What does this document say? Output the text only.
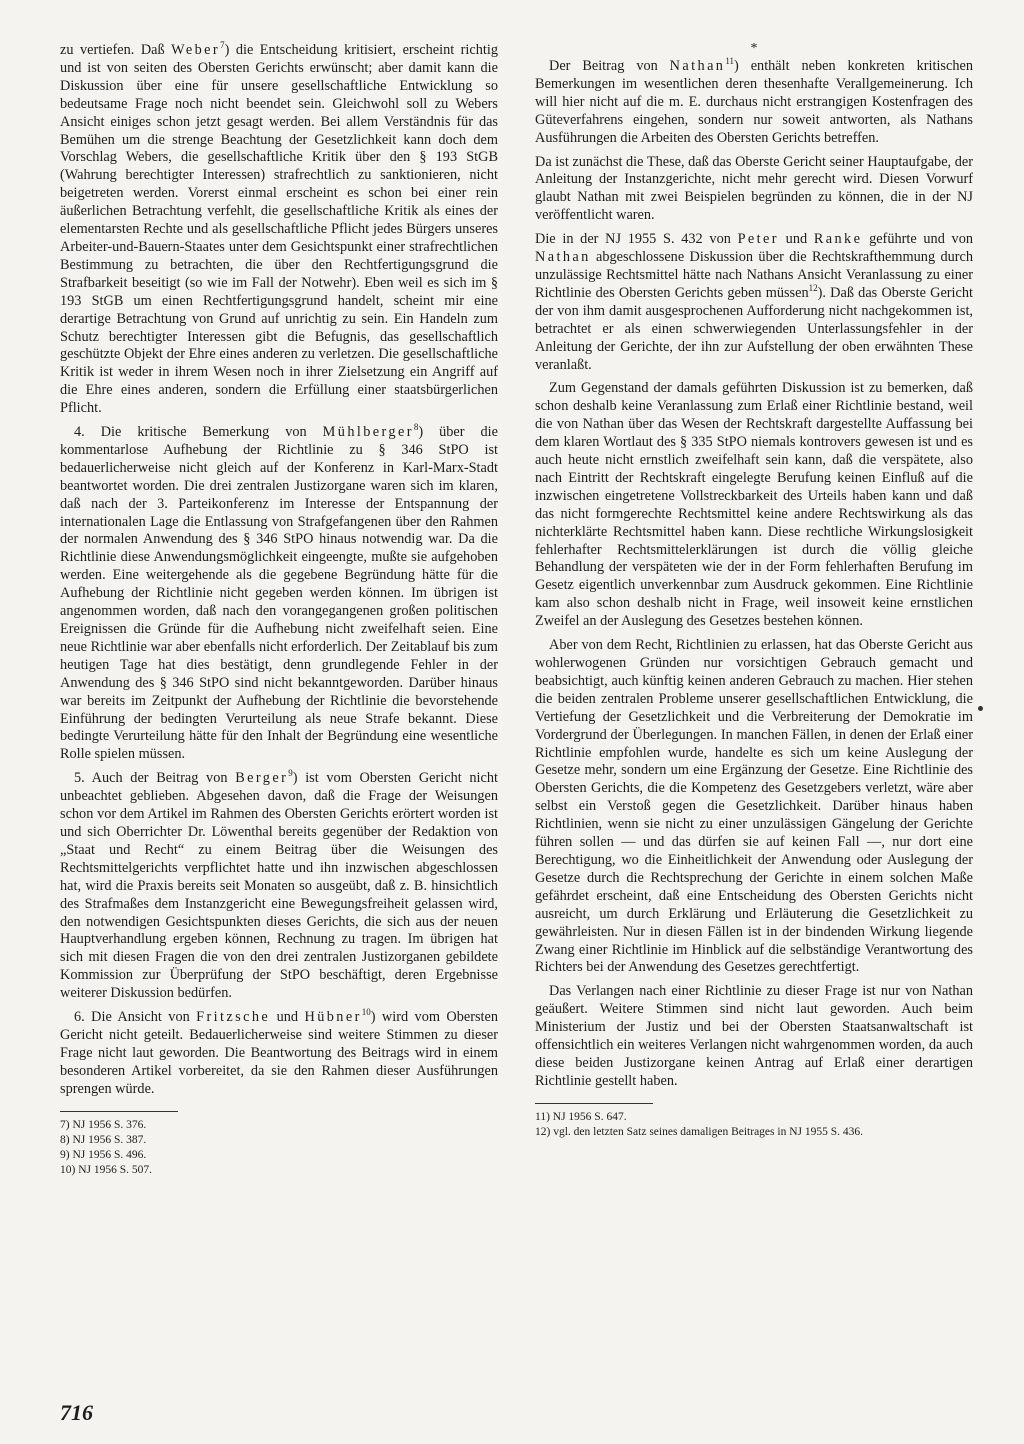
zu vertiefen. Daß Weber$^7$) die Entscheidung kritisiert, erscheint richtig und ist von seiten des Obersten Gerichts erwünscht; aber damit kann die Diskussion über eine für unsere gesellschaftliche Entwicklung so bedeutsame Frage noch nicht beendet sein. Gleichwohl soll zu Webers Ansicht einiges schon jetzt gesagt werden. Bei allem Verständnis für das Bemühen um die strenge Beachtung der Gesetzlichkeit kann doch dem Vorschlag Webers, die gesellschaftliche Kritik über den § 193 StGB (Wahrung berechtigter Interessen) strafrechtlich zu sanktionieren, nicht beigetreten werden. Vorerst einmal erscheint es schon bei einer rein äußerlichen Betrachtung verfehlt, die gesellschaftliche Kritik als eines der elementarsten Rechte und als gesellschaftliche Pflicht jedes Bürgers unseres Arbeiter-und-Bauern-Staates unter dem Gesichtspunkt einer strafrechtlichen Bestimmung zu betrachten, die über den Rechtfertigungsgrund die Strafbarkeit beseitigt (so wie im Fall der Notwehr). Eben weil es sich im § 193 StGB um einen Rechtfertigungsgrund handelt, scheint mir eine derartige Betrachtung von Grund auf unrichtig zu sein. Ein Handeln zum Schutz berechtigter Interessen gibt die Befugnis, das gesellschaftlich geschützte Objekt der Ehre eines anderen zu verletzen. Die gesellschaftliche Kritik ist weder in ihrem Wesen noch in ihrer Zielsetzung ein Angriff auf die Ehre eines anderen, sondern die Erfüllung einer staatsbürgerlichen Pflicht.

4. Die kritische Bemerkung von Mühlberger$^8$) über die kommentarlose Aufhebung der Richtlinie zu § 346 StPO ist bedauerlicherweise nicht gleich auf der Konferenz in Karl-Marx-Stadt beantwortet worden. Die drei zentralen Justizorgane waren sich im klaren, daß nach der 3. Parteikonferenz im Interesse der Entspannung der internationalen Lage die Entlassung von Strafgefangenen über den Rahmen der normalen Anwendung des § 346 StPO hinaus notwendig war. Da die Richtlinie diese Anwendungsmöglichkeit eingeengte, mußte sie aufgehoben werden. Eine weitergehende als die gegebene Begründung hätte für die Aufhebung der Richtlinie nicht gegeben werden können. Im übrigen ist angenommen worden, daß nach den vorangegangenen großen politischen Ereignissen die Gründe für die Aufhebung nicht zweifelhaft seien. Eine neue Richtlinie war aber ebenfalls nicht erforderlich. Der Zeitablauf bis zum heutigen Tage hat dies bestätigt, denn grundlegende Fehler in der Anwendung des § 346 StPO sind nicht bekanntgeworden. Darüber hinaus war bereits im Zeitpunkt der Aufhebung der Richtlinie die bevorstehende Einführung der bedingten Verurteilung als neue Strafe bekannt. Diese bedingte Verurteilung hätte für den Inhalt der Begründung eine wesentliche Rolle spielen müssen.

5. Auch der Beitrag von Berger$^9$) ist vom Obersten Gericht nicht unbeachtet geblieben. Abgesehen davon, daß die Frage der Weisungen schon vor dem Artikel im Rahmen des Obersten Gerichts erörtert worden ist und sich Oberrichter Dr. Löwenthal bereits gegenüber der Redaktion von „Staat und Recht“ zu einem Beitrag über die Weisungen des Rechtsmittelgerichts verpflichtet hatte und ihn inzwischen abgeschlossen hat, wird die Praxis bereits seit Monaten so ausgeübt, daß z. B. hinsichtlich des Strafmaßes dem Instanzgericht eine Bewegungsfreiheit gelassen wird, den notwendigen Gesichtspunkten dieses Gerichts, die sich aus der neuen Hauptverhandlung ergeben können, Rechnung zu tragen. Im übrigen hat sich mit diesen Fragen die von den drei zentralen Justizorganen gebildete Kommission zur Überprüfung der StPO beschäftigt, deren Ergebnisse weiterer Diskussion bedürfen.

6. Die Ansicht von Fritzsche und Hübner$^{10}$) wird vom Obersten Gericht nicht geteilt. Bedauerlicherweise sind weitere Stimmen zu dieser Frage nicht laut geworden. Die Beantwortung des Beitrags wird in einem besonderen Artikel vorbereitet, da sie den Rahmen dieser Ausführungen sprengen würde.

7) NJ 1956 S. 376.

8) NJ 1956 S. 387.

9) NJ 1956 S. 496.

10) NJ 1956 S. 507.

*

Der Beitrag von Nathan$^{11}$) enthält neben konkreten kritischen Bemerkungen im wesentlichen deren thesenhafte Verallgemeinerung. Ich will hier nicht auf die m. E. durchaus nicht erstrangigen Kostenfragen des Güteverfahrens eingehen, sondern nur soweit antworten, als Nathans Ausführungen die Arbeiten des Obersten Gerichts betreffen.

Da ist zunächst die These, daß das Oberste Gericht seiner Hauptaufgabe, der Anleitung der Instanzgerichte, nicht mehr gerecht wird. Diesen Vorwurf glaubt Nathan mit zwei Beispielen begründen zu können, die in der NJ veröffentlicht waren.

Die in der NJ 1955 S. 432 von Peter und Ranke geführte und von Nathan abgeschlossene Diskussion über die Rechtskrafthemmung durch unzulässige Rechtsmittel hätte nach Nathans Ansicht Veranlassung zu einer Richtlinie des Obersten Gerichts geben müssen$^{12}$). Daß das Oberste Gericht der von ihm damit ausgesprochenen Aufforderung nicht nachgekommen ist, betrachtet er als einen schwerwiegenden Unterlassungsfehler in der Anleitung der Gerichte, der ihn zur Aufstellung der oben erwähnten These veranlaßt.

Zum Gegenstand der damals geführten Diskussion ist zu bemerken, daß schon deshalb keine Veranlassung zum Erlaß einer Richtlinie bestand, weil die von Nathan über das Wesen der Rechtskraft dargestellte Auffassung bei dem klaren Wortlaut des § 335 StPO niemals kontrovers gewesen ist und es auch heute nicht ernstlich zweifelhaft sein kann, daß die verspätete, also nach Eintritt der Rechtskraft eingelegte Berufung keinen Einfluß auf die inzwischen eingetretene Vollstreckbarkeit des Urteils haben kann und daß das nicht formgerechte Rechtsmittel keine andere Rechtswirkung als das nichterklärte Rechtsmittel haben kann. Diese rechtliche Wirkungslosigkeit fehlerhafter Rechtsmittelerklärungen ist durch die völlig gleiche Behandlung der verspäteten wie der in der Form fehlerhaften Berufung im Gesetz eigentlich unverkennbar zum Ausdruck gekommen. Eine Richtlinie kam also schon deshalb nicht in Frage, weil insoweit keine ernstlichen Zweifel an der Auslegung des Gesetzes bestehen können.

Aber von dem Recht, Richtlinien zu erlassen, hat das Oberste Gericht aus wohlerwogenen Gründen nur vorsichtigen Gebrauch gemacht und beabsichtigt, auch künftig keinen anderen Gebrauch zu machen. Hier stehen die beiden zentralen Probleme unserer gesellschaftlichen Entwicklung, die Vertiefung der Gesetzlichkeit und die Verbreiterung der Demokratie im Vordergrund der Überlegungen. In manchen Fällen, in denen der Erlaß einer Richtlinie empfohlen wurde, handelte es sich um keine Auslegung der Gesetze mehr, sondern um eine Ergänzung der Gesetze. Eine Richtlinie des Obersten Gerichts, die die Kompetenz des Gesetzgebers verletzt, wäre aber selbst ein Verstoß gegen die Gesetzlichkeit. Darüber hinaus haben Richtlinien, wenn sie nicht zu einer unzulässigen Gängelung der Gerichte führen sollen — und das dürfen sie auf keinen Fall —, nur dort eine Berechtigung, wo die Einheitlichkeit der Anwendung oder Auslegung der Gesetze durch die Rechtsprechung der Gerichte in einem solchen Maße gefährdet erscheint, daß eine Entscheidung des Obersten Gerichts nicht ausreicht, um durch Erklärung und Erläuterung die Gesetzlichkeit zu gewährleisten. Nur in diesen Fällen ist in der bindenden Wirkung liegende Zwang einer Richtlinie im Hinblick auf die selbständige Verantwortung des Richters bei der Anwendung des Gesetzes gerechtfertigt.

Das Verlangen nach einer Richtlinie zu dieser Frage ist nur von Nathan geäußert. Weitere Stimmen sind nicht laut geworden. Auch beim Ministerium der Justiz und bei der Obersten Staatsanwaltschaft ist offensichtlich ein weiteres Verlangen nicht wahrgenommen worden, da auch diese beiden Justizorgane keinen Antrag auf Erlaß einer derartigen Richtlinie gestellt haben.

11) NJ 1956 S. 647.

12) vgl. den letzten Satz seines damaligen Beitrages in NJ 1955 S. 436.

716
